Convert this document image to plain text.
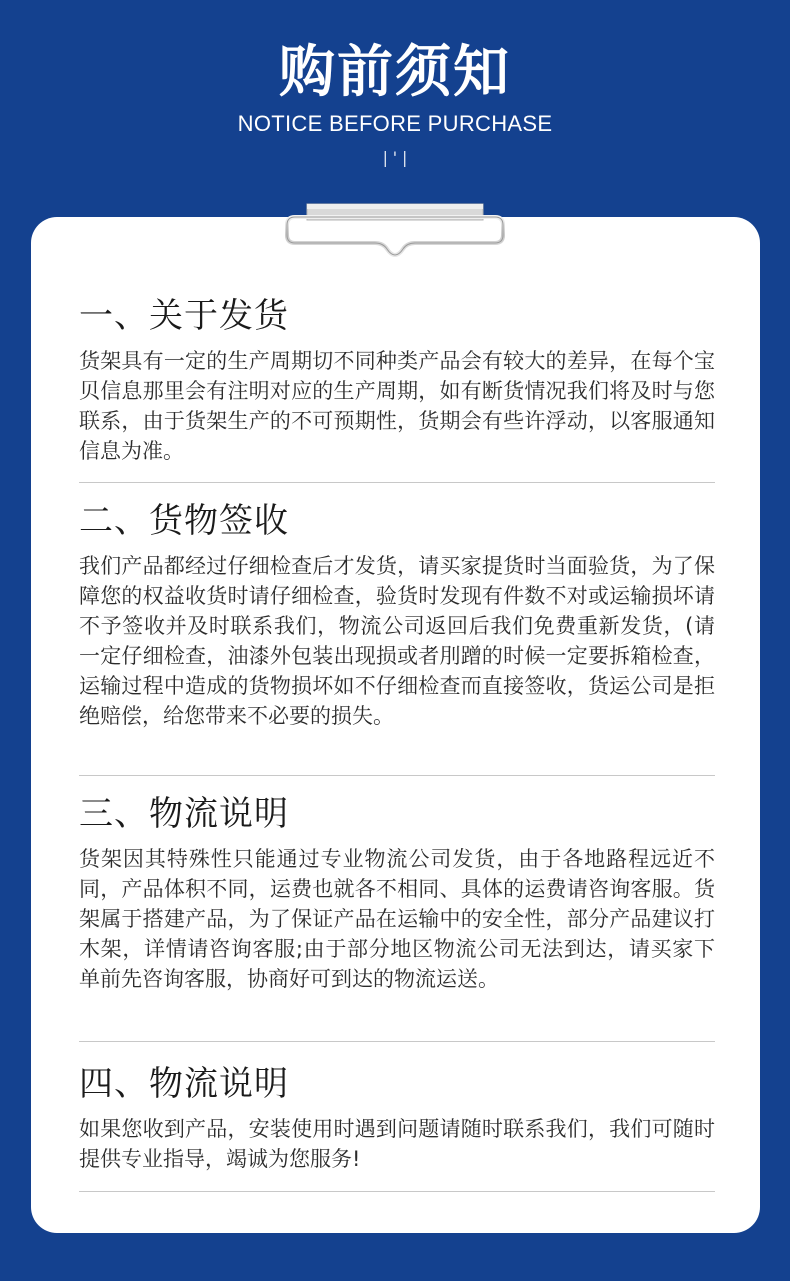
购前须知
NOTICE BEFORE PURCHASE
|'|
一、关于发货

货架具有一定的生产周期切不同种类产品会有较大的差异，在每个宝贝信息那里会有注明对应的生产周期，如有断货情况我们将及时与您联系，由于货架生产的不可预期性，货期会有些许浮动，以客服通知信息为准。

二、货物签收

我们产品都经过仔细检查后才发货，请买家提货时当面验货，为了保障您的权益收货时请仔细检查，验货时发现有件数不对或运输损坏请不予签收并及时联系我们，物流公司返回后我们免费重新发货，(请一定仔细检查，油漆外包装出现损或者刖蹭的时候一定要拆箱检查，运输过程中造成的货物损坏如不仔细检查而直接签收，货运公司是拒绝赔偿，给您带来不必要的损失。

三、物流说明

货架因其特殊性只能通过专业物流公司发货，由于各地路程远近不同，产品体积不同，运费也就各不相同、具体的运费请咨询客服。货架属于搭建产品，为了保证产品在运输中的安全性，部分产品建议打木架，详情请咨询客服;由于部分地区物流公司无法到达，请买家下单前先咨询客服，协商好可到达的物流运送。

四、物流说明

如果您收到产品，安装使用时遇到问题请随时联系我们，我们可随时提供专业指导，竭诚为您服务!
